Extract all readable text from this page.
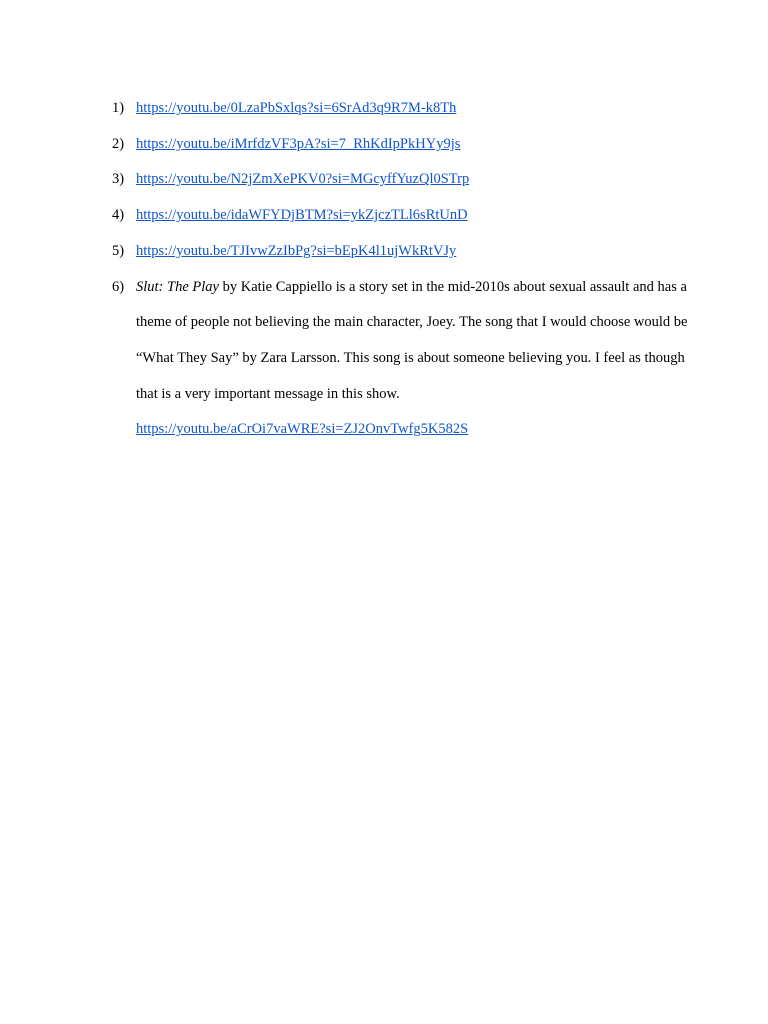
1) https://youtu.be/0LzaPbSxlqs?si=6SrAd3q9R7M-k8Th
2) https://youtu.be/iMrfdzVF3pA?si=7_RhKdIpPkHYy9js
3) https://youtu.be/N2jZmXePKV0?si=MGcyffYuzQl0STrp
4) https://youtu.be/idaWFYDjBTM?si=ykZjczTLl6sRtUnD
5) https://youtu.be/TJIvwZzIbPg?si=bEpK4l1ujWkRtVJy
6) Slut: The Play by Katie Cappiello is a story set in the mid-2010s about sexual assault and has a theme of people not believing the main character, Joey. The song that I would choose would be “What They Say” by Zara Larsson. This song is about someone believing you. I feel as though that is a very important message in this show.
https://youtu.be/aCrOi7vaWRE?si=ZJ2OnvTwfg5K582S
